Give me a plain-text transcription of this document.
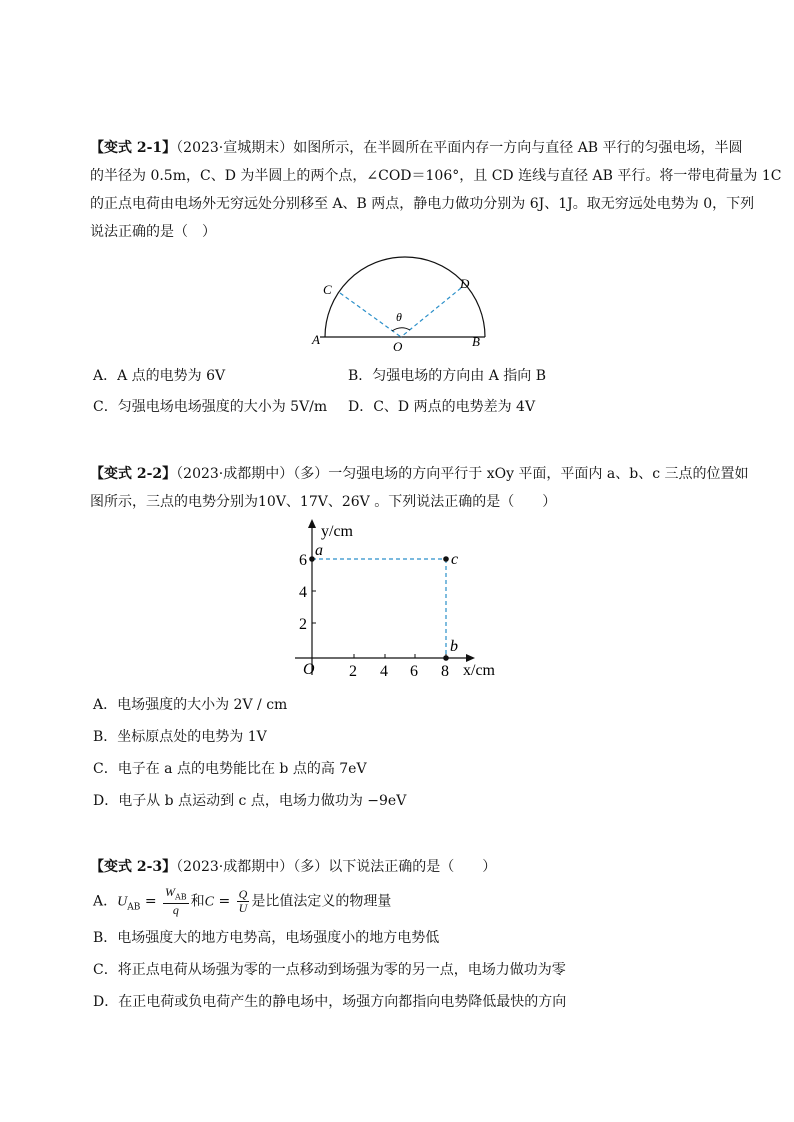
【变式 2-1】（2023·宣城期末）如图所示，在半圆所在平面内存一方向与直径 AB 平行的匀强电场，半圆
的半径为 0.5m，C、D 为半圆上的两个点，∠COD＝106°，且 CD 连线与直径 AB 平行。将一带电荷量为 1C
的正点电荷由电场外无穷远处分别移至 A、B 两点，静电力做功分别为 6J、1J。取无穷远处电势为 0，下列
说法正确的是（　）
A	B
C	D
O
θ
A．A 点的电势为 6V	B．匀强电场的方向由 A 指向 B
C．匀强电场电场强度的大小为 5V/m D．C、D 两点的电势差为 4V
【变式 2-2】（2023·成都期中）（多）一匀强电场的方向平行于 xOy 平面，平面内 a、b、c 三点的位置如
图所示，三点的电势分别为10V、17V、26V 。下列说法正确的是（　　）
y/cm
x/cm
O 2 4 6 8
2
4
6
a
c
b
A．电场强度的大小为 2V / cm
B．坐标原点处的电势为 1V
C．电子在 a 点的电势能比在 b 点的高 7eV
D．电子从 b 点运动到 c 点，电场力做功为 −9eV
【变式 2-3】（2023·成都期中）（多）以下说法正确的是（　　）
A．$U_{AB} = \frac{W_{AB}}{q}$ 和$C = \frac{Q}{U}$ 是比值法定义的物理量
B．电场强度大的地方电势高，电场强度小的地方电势低
C．将正点电荷从场强为零的一点移动到场强为零的另一点，电场力做功为零
D．在正电荷或负电荷产生的静电场中，场强方向都指向电势降低最快的方向
